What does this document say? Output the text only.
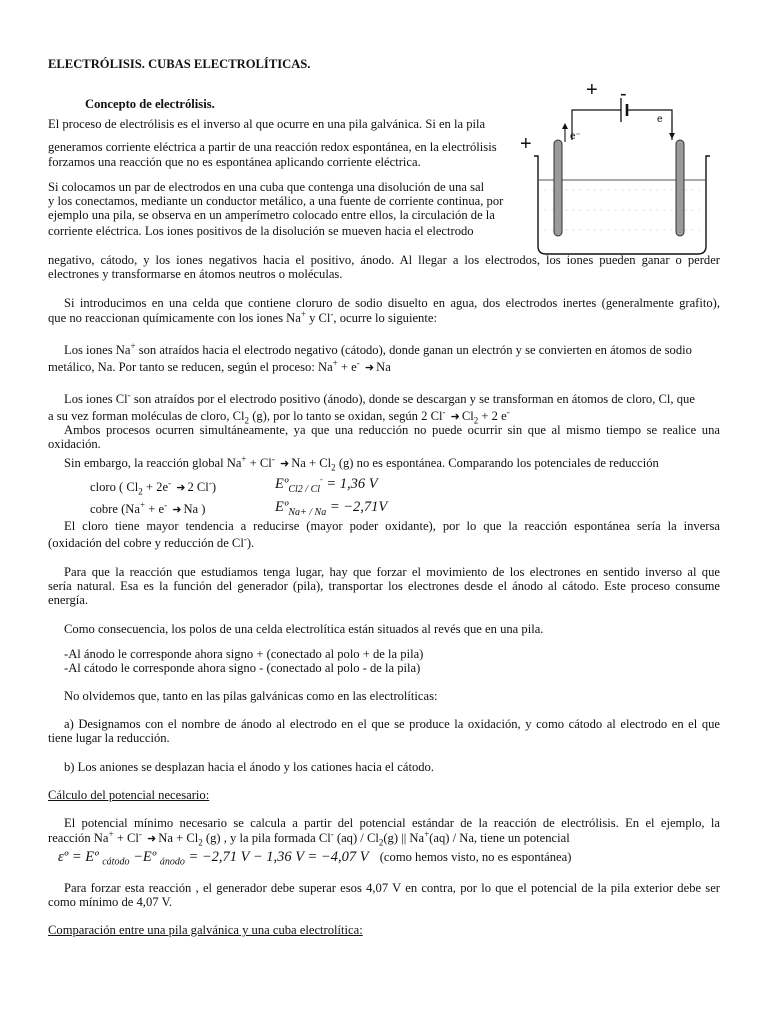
ELECTRÓLISIS. CUBAS ELECTROLÍTICAS.
Concepto de electrólisis.
El proceso de electrólisis es el inverso al que ocurre en una pila galvánica. Si en la pila
generamos corriente eléctrica a partir de una reacción redox espontánea, en la electrólisis
forzamos una reacción que no es espontánea aplicando corriente eléctrica.
Si colocamos un par de electrodos en una cuba que contenga una disolución de una sal
y los conectamos, mediante un conductor metálico, a una fuente de corriente continua, por
ejemplo una pila, se observa en un amperímetro colocado entre ellos, la circulación de la
corriente eléctrica. Los iones positivos de la disolución se mueven hacia el electrodo
+ -
+	e⁻
e
negativo, cátodo, y los iones negativos hacia el positivo, ánodo. Al llegar a los electrodos, los iones pueden ganar o perder
electrones y transformarse en átomos neutros o moléculas.
Si introducimos en una celda que contiene cloruro de sodio disuelto en agua, dos electrodos inertes (generalmente grafito),
que no reaccionan químicamente con los iones Na+ y Cl-, ocurre lo siguiente:
Los iones Na+ son atraídos hacia el electrodo negativo (cátodo), donde ganan un electrón y se convierten en átomos de sodio
metálico, Na. Por tanto se reducen, según el proceso: Na+ + e- ➜ Na
Los iones Cl- son atraídos por el electrodo positivo (ánodo), donde se descargan y se transforman en átomos de cloro, Cl, que
a su vez forman moléculas de cloro, $Cl_2$ (g), por lo tanto se oxidan, según 2 Cl- ➜ $Cl_2 + 2$ e-
Ambos procesos ocurren simultáneamente, ya que una reducción no puede ocurrir sin que al mismo tiempo se realice una
oxidación.
Sin embargo, la reacción global Na+ + Cl- ➜ $Na + Cl_2$ (g) no es espontánea. Comparando los potenciales de reducción
cloro ( $Cl_2 + 2e^-$ ➜ 2 Cl-)	Eº$_{Cl2 / Cl}$- = 1,36 V
cobre (Na+ + e- ➜ Na )	Eº$_{Na+ / Na}$ = −2,71V
El cloro tiene mayor tendencia a reducirse (mayor poder oxidante), por lo que la reacción espontánea sería la inversa
(oxidación del cobre y reducción de Cl-).
Para que la reacción que estudiamos tenga lugar, hay que forzar el movimiento de los electrones en sentido inverso al que
sería natural. Esa es la función del generador (pila), transportar los electrones desde el ánodo al cátodo. Este proceso consume
energía.
Como consecuencia, los polos de una celda electrolítica están situados al revés que en una pila.
-Al ánodo le corresponde ahora signo + (conectado al polo + de la pila)
-Al cátodo le corresponde ahora signo - (conectado al polo - de la pila)
No olvidemos que, tanto en las pilas galvánicas como en las electrolíticas:
a) Designamos con el nombre de ánodo al electrodo en el que se produce la oxidación, y como cátodo al electrodo en el que
tiene lugar la reducción.
b) Los aniones se desplazan hacia el ánodo y los cationes hacia el cátodo.
Cálculo del potencial necesario:
El potencial mínimo necesario se calcula a partir del potencial estándar de la reacción de electrólisis. En el ejemplo, la
reacción Na+ + Cl- ➜ $Na + Cl_2$ (g) , y la pila formada Cl- $(aq) / Cl_2(g)$ || Na+(aq) / Na, tiene un potencial
εº = Eº $_{cátodo}$ −Eº $_{ánodo}$ = −2,71 V − 1,36 V = −4,07 V (como hemos visto, no es espontánea)
Para forzar esta reacción , el generador debe superar esos 4,07 V en contra, por lo que el potencial de la pila exterior debe ser
como mínimo de 4,07 V.
Comparación entre una pila galvánica y una cuba electrolítica:
